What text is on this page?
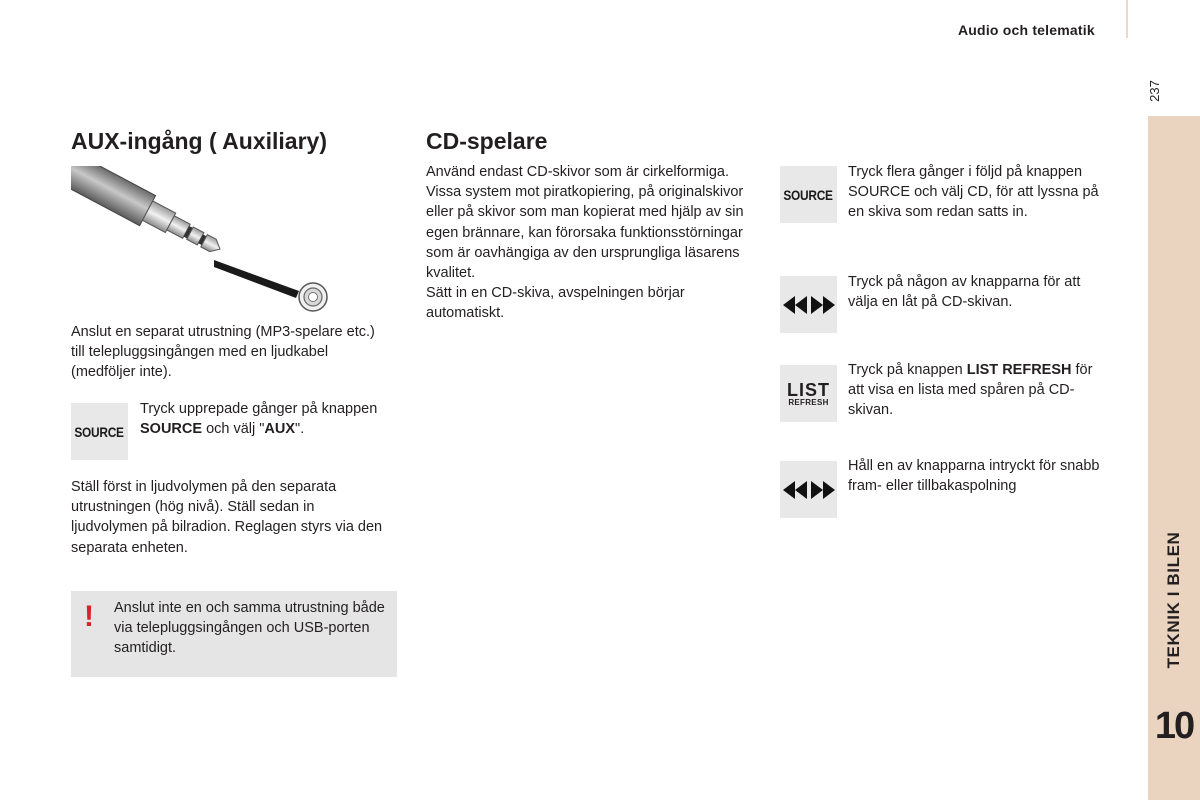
Audio och telematik
237
TEKNIK I BILEN
10
AUX-ingång ( Auxiliary)
Anslut en separat utrustning (MP3-spelare etc.) till telepluggsingången med en ljudkabel (medföljer inte).
SOURCE
Tryck upprepade gånger på knappen SOURCE och välj "AUX".
Ställ först in ljudvolymen på den separata utrustningen (hög nivå). Ställ sedan in ljudvolymen på bilradion. Reglagen styrs via den separata enheten.
! Anslut inte en och samma utrustning både via telepluggsingången och USB-porten samtidigt.
CD-spelare
Använd endast CD-skivor som är cirkelformiga. Vissa system mot piratkopiering, på originalskivor eller på skivor som man kopierat med hjälp av sin egen brännare, kan förorsaka funktionsstörningar som är oavhängiga av den ursprungliga läsarens kvalitet.
Sätt in en CD-skiva, avspelningen börjar automatiskt.
SOURCE
Tryck flera gånger i följd på knappen SOURCE och välj CD, för att lyssna på en skiva som redan satts in.
Tryck på någon av knapparna för att välja en låt på CD-skivan.
LIST
REFRESH
Tryck på knappen LIST REFRESH för att visa en lista med spåren på CD-skivan.
Håll en av knapparna intryckt för snabb fram- eller tillbakaspolning
